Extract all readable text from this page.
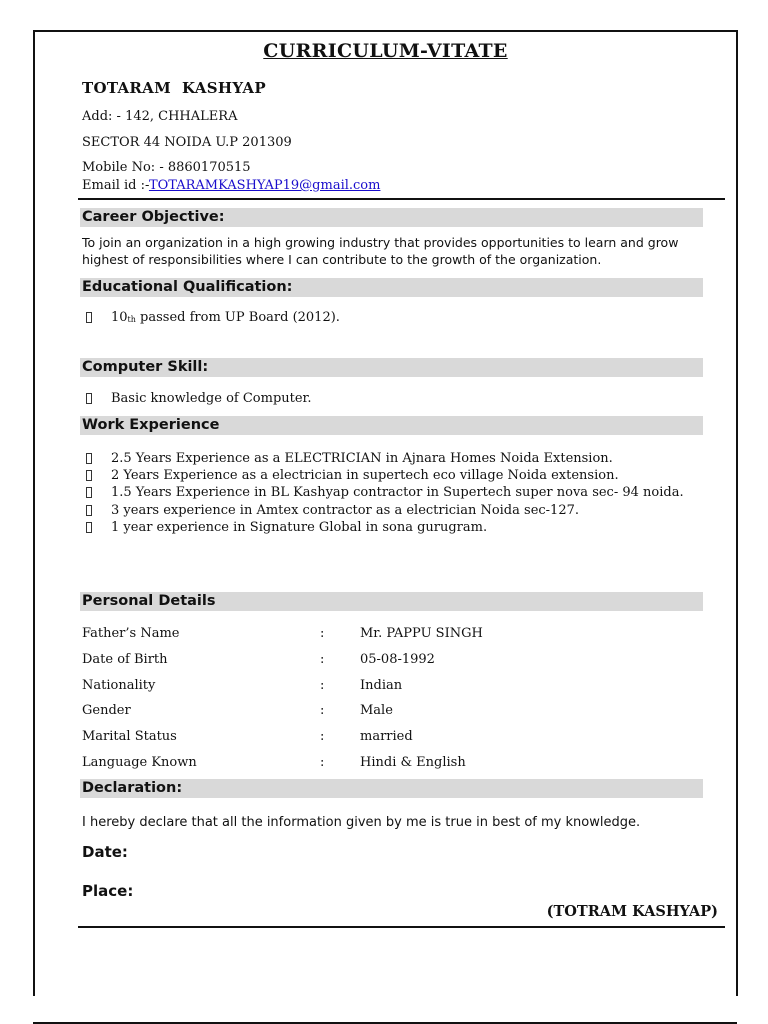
CURRICULUM-VITATE
TOTARAM  KASHYAP
Add: - 142, CHHALERA
SECTOR 44 NOIDA U.P 201309
Mobile No: - 8860170515
Email id :-TOTARAMKASHYAP19@gmail.com
Career Objective:
To join an organization in a high growing industry that provides opportunities to learn and grow highest of responsibilities where I can contribute to the growth of the organization.
Educational Qualification:
$10_{th}$ passed from UP Board (2012).
Computer Skill:
Basic knowledge of Computer.
Work Experience
2.5 Years Experience as a ELECTRICIAN in Ajnara Homes Noida Extension.
2 Years Experience as a electrician in supertech eco village Noida extension.
1.5 Years Experience in BL Kashyap contractor in Supertech super nova sec- 94 noida.
3 years experience in Amtex contractor as a electrician Noida sec-127.
1 year experience in Signature Global in sona gurugram.
Personal Details
Father’s Name	:	Mr. PAPPU SINGH
Date of Birth	:	05-08-1992
Nationality	:	Indian
Gender	:	Male
Marital Status	:	married
Language Known	:	Hindi & English
Declaration:
I hereby declare that all the information given by me is true in best of my knowledge.
Date:
Place:
(TOTRAM KASHYAP)
